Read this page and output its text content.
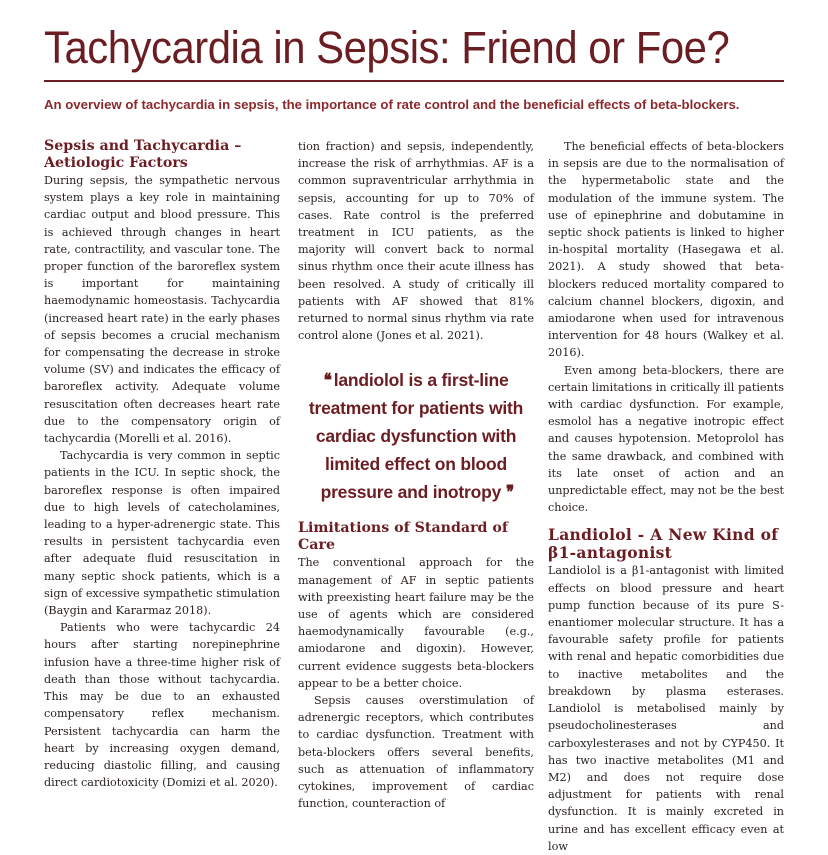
Tachycardia in Sepsis: Friend or Foe?
An overview of tachycardia in sepsis, the importance of rate control and the beneficial effects of beta-blockers.
Sepsis and Tachycardia – Aetiologic Factors

During sepsis, the sympathetic nervous system plays a key role in maintaining cardiac output and blood pressure. This is achieved through changes in heart rate, contractility, and vascular tone. The proper function of the baroreflex system is important for maintaining haemodynamic homeostasis. Tachycardia (increased heart rate) in the early phases of sepsis becomes a crucial mechanism for compensating the decrease in stroke volume (SV) and indicates the efficacy of baroreflex activity. Adequate volume resuscitation often decreases heart rate due to the compensatory origin of tachycardia (Morelli et al. 2016).

Tachycardia is very common in septic patients in the ICU. In septic shock, the baroreflex response is often impaired due to high levels of catecholamines, leading to a hyper-adrenergic state. This results in persistent tachycardia even after adequate fluid resuscitation in many septic shock patients, which is a sign of excessive sympathetic stimulation (Baygin and Kararmaz 2018).

Patients who were tachycardic 24 hours after starting norepinephrine infusion have a three-time higher risk of death than those without tachycardia. This may be due to an exhausted compensatory reflex mechanism. Persistent tachycardia can harm the heart by increasing oxygen demand, reducing diastolic filling, and causing direct cardiotoxicity (Domizi et al. 2020).

tion fraction) and sepsis, independently, increase the risk of arrhythmias. AF is a common supraventricular arrhythmia in sepsis, accounting for up to 70% of cases. Rate control is the preferred treatment in ICU patients, as the majority will convert back to normal sinus rhythm once their acute illness has been resolved. A study of critically ill patients with AF showed that 81% returned to normal sinus rhythm via rate control alone (Jones et al. 2021).

❛❛ landiolol is a first-line treatment for patients with cardiac dysfunction with limited effect on blood pressure and inotropy ❜❜
Limitations of Standard of Care

The conventional approach for the management of AF in septic patients with preexisting heart failure may be the use of agents which are considered haemodynamically favourable (e.g., amiodarone and digoxin). However, current evidence suggests beta-blockers appear to be a better choice.

Sepsis causes overstimulation of adrenergic receptors, which contributes to cardiac dysfunction. Treatment with beta-blockers offers several benefits, such as attenuation of inflammatory cytokines, improvement of cardiac function, counteraction of

The beneficial effects of beta-blockers in sepsis are due to the normalisation of the hypermetabolic state and the modulation of the immune system. The use of epinephrine and dobutamine in septic shock patients is linked to higher in-hospital mortality (Hasegawa et al. 2021). A study showed that beta-blockers reduced mortality compared to calcium channel blockers, digoxin, and amiodarone when used for intravenous intervention for 48 hours (Walkey et al. 2016).

Even among beta-blockers, there are certain limitations in critically ill patients with cardiac dysfunction. For example, esmolol has a negative inotropic effect and causes hypotension. Metoprolol has the same drawback, and combined with its late onset of action and an unpredictable effect, may not be the best choice.

Landiolol - A New Kind of β1-antagonist

Landiolol is a β1-antagonist with limited effects on blood pressure and heart pump function because of its pure S-enantiomer molecular structure. It has a favourable safety profile for patients with renal and hepatic comorbidities due to inactive metabolites and the breakdown by plasma esterases. Landiolol is metabolised mainly by pseudocholinesterases and carboxylesterases and not by CYP450. It has two inactive metabolites (M1 and M2) and does not require dose adjustment for patients with renal dysfunction. It is mainly excreted in urine and has excellent efficacy even at low
